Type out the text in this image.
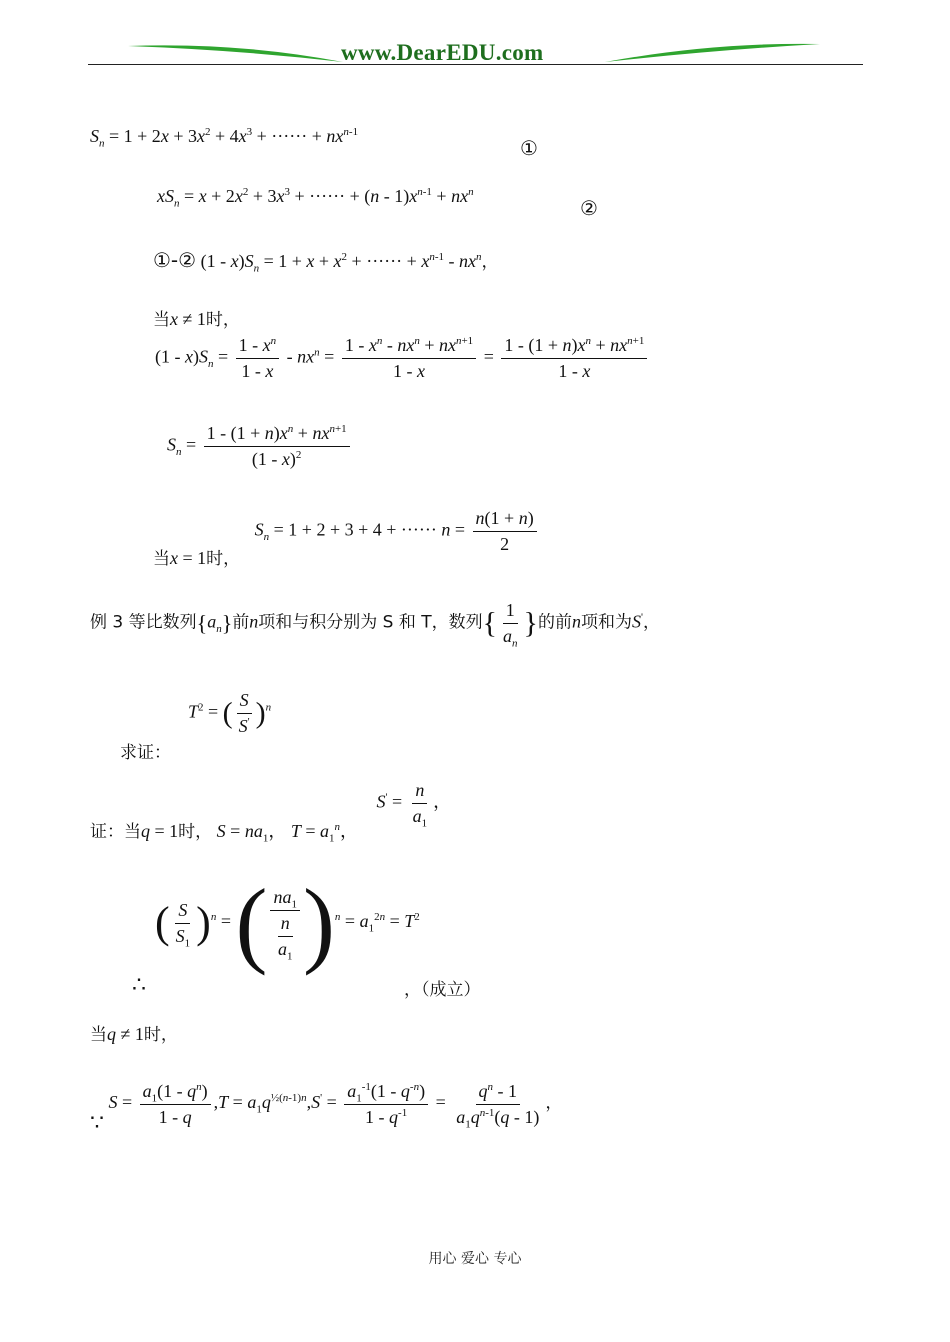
www.DearEDU.com
$S_n = 1 + 2x + 3x^2 + 4x^3$ + ······ + $nx^{n-1}$
①
$xS_n = x + 2x^2 + 3x^3$ + ······ + $(n - 1)x^{n-1} + nx^n$
②
①-② $(1 - x)S_n = 1 + x + x^2$ + ······ + $x^{n-1} - nx^n$，
当x ≠ 1时，
$(1 - x)S_n = \frac{1 - x^n}{1 - x} - nx^n = \frac{1 - x^n - nx^n + nx^{n+1}}{1 - x} = \frac{1 - (1 + n)x^n + nx^{n+1}}{1 - x}$
$S_n = \frac{1 - (1 + n)x^n + nx^{n+1}}{(1 - x)^2}$
当x = 1时， $S_n = 1 + 2 + 3 + 4$ + ······ $n = \frac{n(1 + n)}{2}$
例 3 等比数列$\{a_n\}$前n项和与积分别为 S 和 T，数列{ $\frac{1}{a_n}$ }的前n项和为S'，
$T^2$ = ( $\frac{S}{S'} )^n$
求证：
证：当q = 1时， $S = na_1$， $T = a_1^n$， $S' = \frac{n}{a_1}$ ，
( $\frac{S}{S_1} )^n$ = ( $\frac{na_1}{\frac{n}{a_1}} )^n = a_1^{2n} = T^2$
∴	，（成立）
当q ≠ 1时，
∵ $S = \frac{a_1(1 - q^n)}{1 - q} ,T = a_1q^{\frac{1}{2}(n-1)n},S' = \frac{a_1^{-1}(1 - q^{-n})}{1 - q^{-1}} = \frac{q^n - 1}{a_1q^{n-1}(q - 1)}$ ，
用心 爱心 专心
